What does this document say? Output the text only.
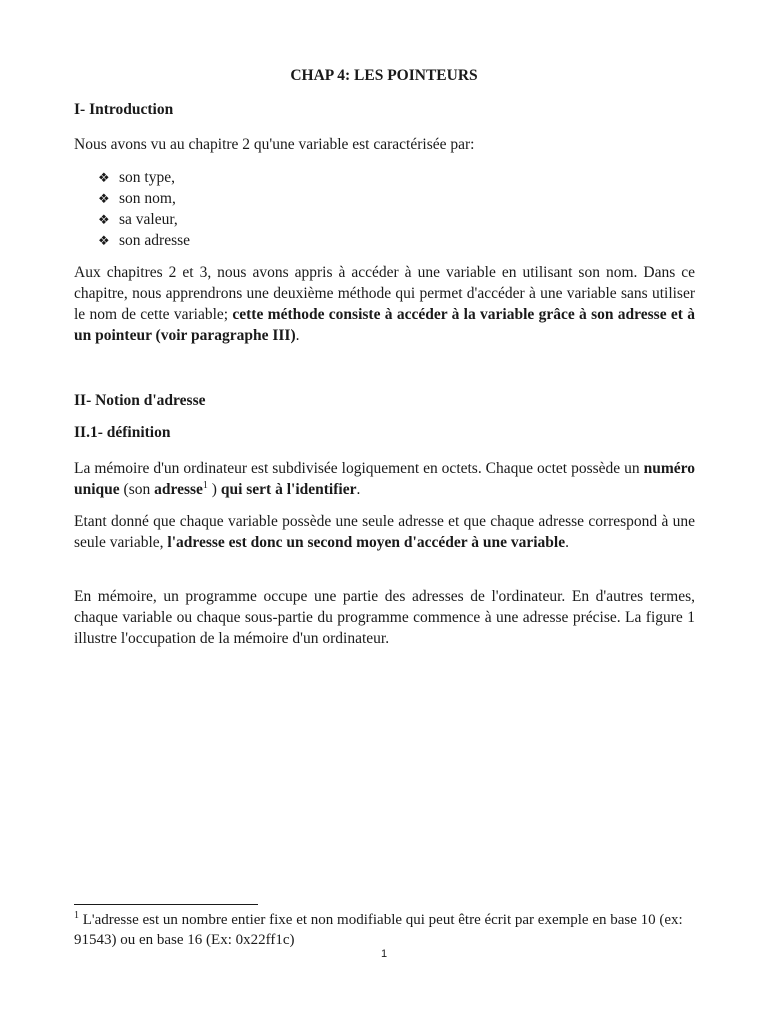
CHAP 4: LES POINTEURS
I- Introduction
Nous avons vu au chapitre 2 qu'une variable est caractérisée par:
❖ son type,
❖ son nom,
❖ sa valeur,
❖ son adresse
Aux chapitres 2 et 3, nous avons appris à accéder à une variable en utilisant son nom. Dans ce chapitre, nous apprendrons une deuxième méthode qui permet d'accéder à une variable sans utiliser le nom de cette variable; cette méthode consiste à accéder à la variable grâce à son adresse et à un pointeur (voir paragraphe III).
II- Notion d'adresse
II.1- définition
La mémoire d'un ordinateur est subdivisée logiquement en octets. Chaque octet possède un numéro unique (son adresse$^1$ ) qui sert à l'identifier.
Etant donné que chaque variable possède une seule adresse et que chaque adresse correspond à une seule variable, l'adresse est donc un second moyen d'accéder à une variable.
En mémoire, un programme occupe une partie des adresses de l'ordinateur. En d'autres termes, chaque variable ou chaque sous-partie du programme commence à une adresse précise. La figure 1 illustre l'occupation de la mémoire d'un ordinateur.
$^1$ L'adresse est un nombre entier fixe et non modifiable qui peut être écrit par exemple en base 10 (ex: 91543) ou en base 16 (Ex: 0x22ff1c)
1
